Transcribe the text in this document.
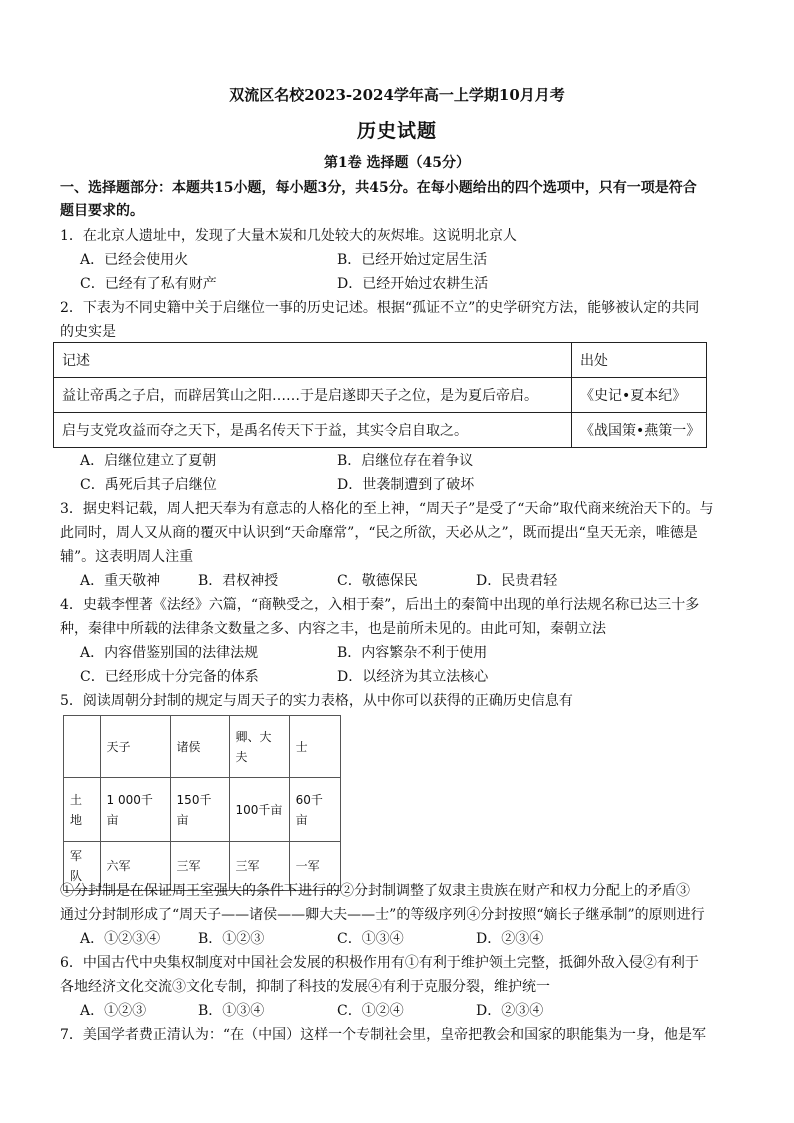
双流区名校2023-2024学年高一上学期10月月考
历史试题
第1卷 选择题（45分）
一、选择题部分：本题共15小题，每小题3分，共45分。在每小题给出的四个选项中，只有一项是符合
题目要求的。
1．在北京人遗址中，发现了大量木炭和几处较大的灰烬堆。这说明北京人
A．已经会使用火	B．已经开始过定居生活
C．已经有了私有财产	D．已经开始过农耕生活
2．下表为不同史籍中关于启继位一事的历史记述。根据“孤证不立”的史学研究方法，能够被认定的共同
的史实是
记述	出处
益让帝禹之子启，而辟居箕山之阳……于是启遂即天子之位，是为夏后帝启。	《史记•夏本纪》
启与支党攻益而夺之天下，是禹名传天下于益，其实令启自取之。	《战国策•燕策一》
A．启继位建立了夏朝	B．启继位存在着争议
C．禹死后其子启继位	D．世袭制遭到了破坏
3．据史料记载，周人把天奉为有意志的人格化的至上神，“周天子”是受了“天命”取代商来统治天下的。与
此同时，周人又从商的覆灭中认识到“天命靡常”，“民之所欲，天必从之”，既而提出“皇天无亲，唯德是
辅”。这表明周人注重
A．重天敬神	B．君权神授	C．敬德保民	D．民贵君轻
4．史载李悝著《法经》六篇，“商鞅受之，入相于秦”，后出土的秦简中出现的单行法规名称已达三十多
种，秦律中所载的法律条文数量之多、内容之丰，也是前所未见的。由此可知，秦朝立法
A．内容借鉴别国的法律法规	B．内容繁杂不利于使用
C．已经形成十分完备的体系	D．以经济为其立法核心
5．阅读周朝分封制的规定与周天子的实力表格，从中你可以获得的正确历史信息有
	天子	诸侯	卿、大夫	士
土地	1 000千亩	150千亩	100千亩	60千亩
军队	六军	三军	三军	一军
①分封制是在保证周王室强大的条件下进行的②分封制调整了奴隶主贵族在财产和权力分配上的矛盾③
通过分封制形成了“周天子——诸侯——卿大夫——士”的等级序列④分封按照“嫡长子继承制”的原则进行
A．①②③④	B．①②③	C．①③④	D．②③④
6．中国古代中央集权制度对中国社会发展的积极作用有①有利于维护领土完整，抵御外敌入侵②有利于
各地经济文化交流③文化专制，抑制了科技的发展④有利于克服分裂，维护统一
A．①②③	B．①③④	C．①②④	D．②③④
7．美国学者费正清认为：“在（中国）这样一个专制社会里，皇帝把教会和国家的职能集为一身，他是军
